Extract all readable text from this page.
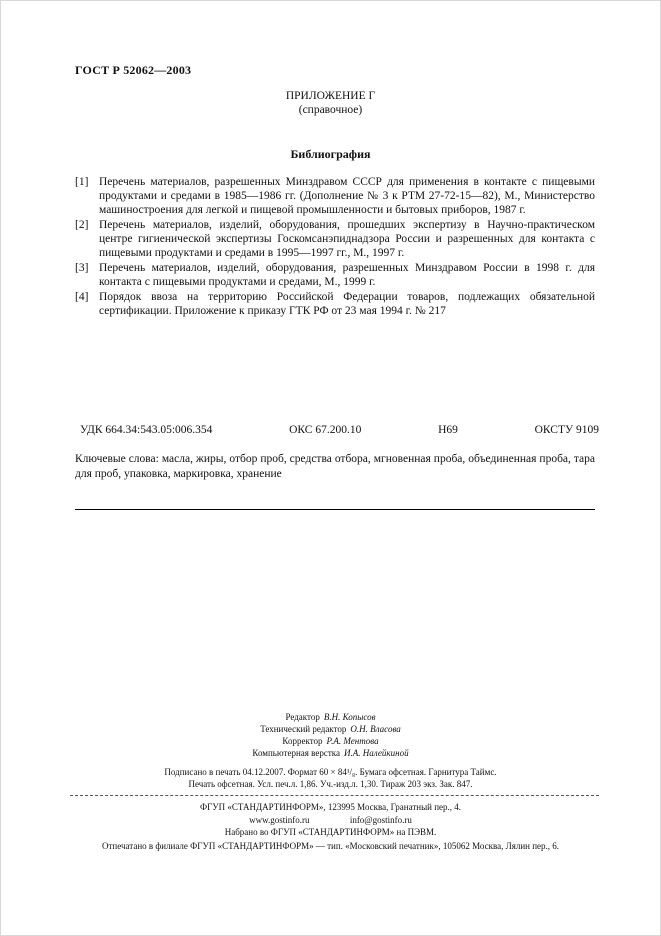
ГОСТ Р 52062—2003
ПРИЛОЖЕНИЕ Г
(справочное)
Библиография
[1] Перечень материалов, разрешенных Минздравом СССР для применения в контакте с пищевыми продуктами и средами в 1985—1986 гг. (Дополнение № 3 к РТМ 27-72-15—82), М., Министерство машиностроения для легкой и пищевой промышленности и бытовых приборов, 1987 г.
[2] Перечень материалов, изделий, оборудования, прошедших экспертизу в Научно-практическом центре гигиенической экспертизы Госкомсанэпиднадзора России и разрешенных для контакта с пищевыми продуктами и средами в 1995—1997 гг., М., 1997 г.
[3] Перечень материалов, изделий, оборудования, разрешенных Минздравом России в 1998 г. для контакта с пищевыми продуктами и средами, М., 1999 г.
[4] Порядок ввоза на территорию Российской Федерации товаров, подлежащих обязательной сертификации. Приложение к приказу ГТК РФ от 23 мая 1994 г. № 217
УДК 664.34:543.05:006.354	ОКС 67.200.10	Н69	ОКСТУ 9109
Ключевые слова: масла, жиры, отбор проб, средства отбора, мгновенная проба, объединенная проба, тара для проб, упаковка, маркировка, хранение
Редактор В.Н. Копысов
Технический редактор О.Н. Власова
Корректор Р.А. Ментова
Компьютерная верстка И.А. Налейкиной
Подписано в печать 04.12.2007. Формат 60 × 84¹/₈. Бумага офсетная. Гарнитура Таймс.
Печать офсетная. Усл. печ.л. 1,86. Уч.-изд.л. 1,30. Тираж 203 экз. Зак. 847.
ФГУП «СТАНДАРТИНФОРМ», 123995 Москва, Гранатный пер., 4.
www.gostinfo.ru	info@gostinfo.ru
Набрано во ФГУП «СТАНДАРТИНФОРМ» на ПЭВМ.
Отпечатано в филиале ФГУП «СТАНДАРТИНФОРМ» — тип. «Московский печатник», 105062 Москва, Лялин пер., 6.
